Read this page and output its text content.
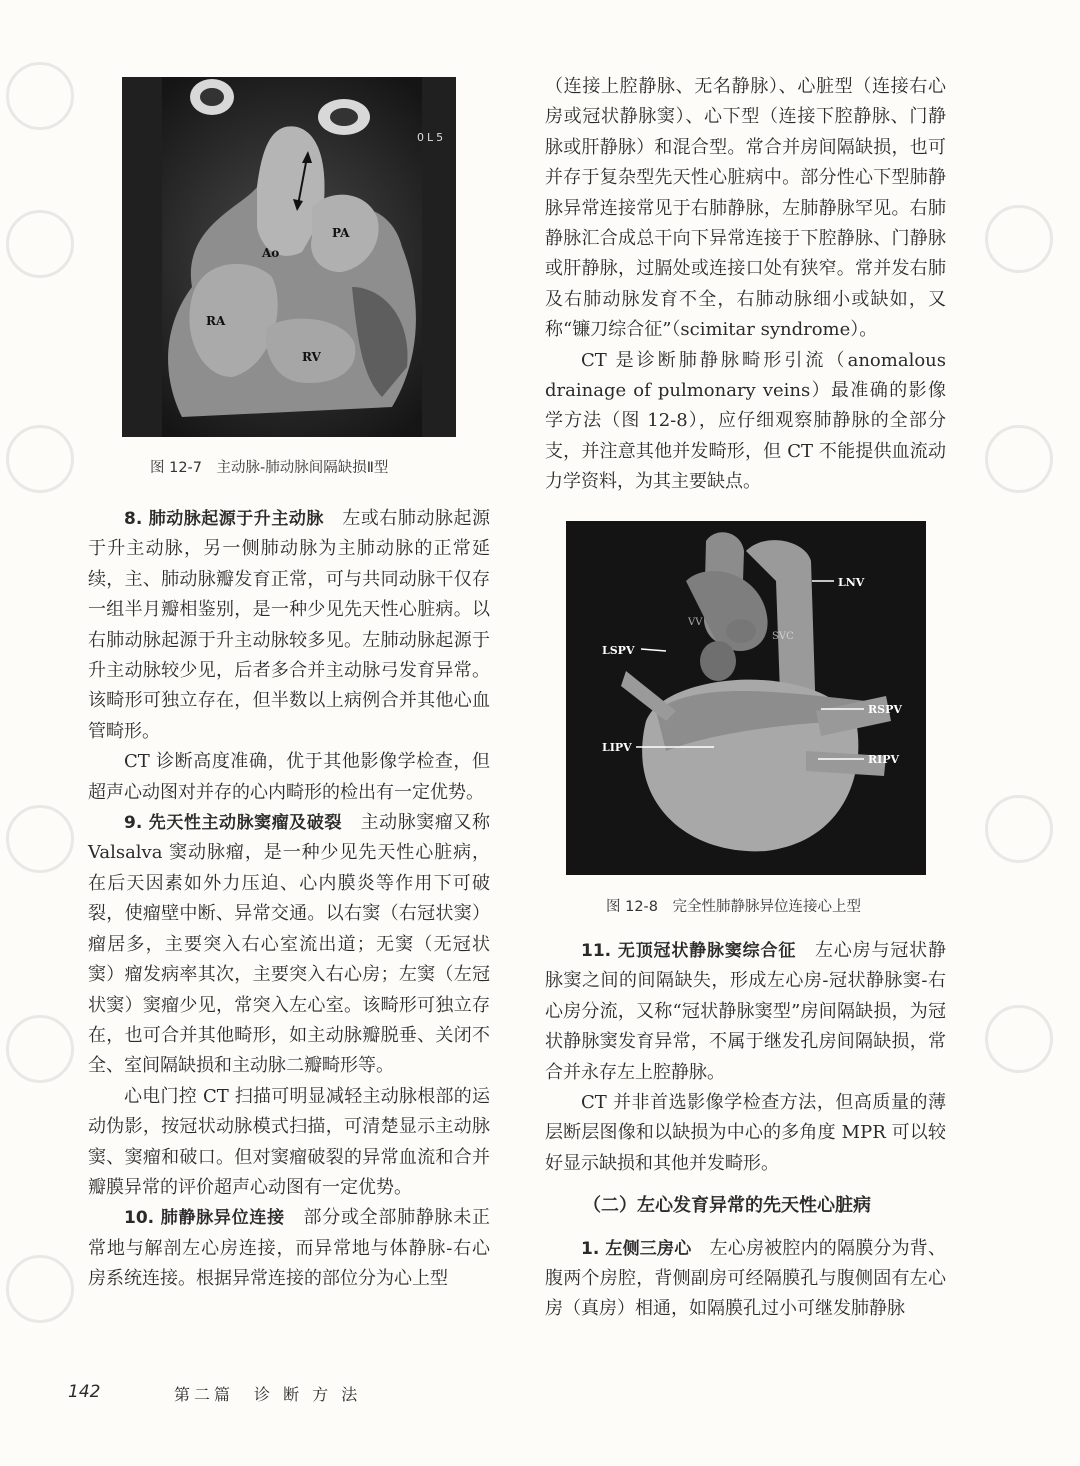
0L5
PA
Ao
RA
RV
图 12-7　主动脉-肺动脉间隔缺损Ⅱ型

（连接上腔静脉、无名静脉）、心脏型（连接右心房或冠状静脉窦）、心下型（连接下腔静脉、门静脉或肝静脉）和混合型。常合并房间隔缺损，也可并存于复杂型先天性心脏病中。部分性心下型肺静脉异常连接常见于右肺静脉，左肺静脉罕见。右肺静脉汇合成总干向下异常连接于下腔静脉、门静脉或肝静脉，过膈处或连接口处有狭窄。常并发右肺及右肺动脉发育不全，右肺动脉细小或缺如，又称“镰刀综合征”（scimitar syndrome）。

CT 是诊断肺静脉畸形引流（anomalous drainage of pulmonary veins）最准确的影像学方法（图 12-8），应仔细观察肺静脉的全部分支，并注意其他并发畸形，但 CT 不能提供血流动力学资料，为其主要缺点。

LNV
VV
SVC
LSPV
LIPV
RSPV
RIPV
图 12-8　完全性肺静脉异位连接心上型

8. 肺动脉起源于升主动脉　左或右肺动脉起源于升主动脉，另一侧肺动脉为主肺动脉的正常延续，主、肺动脉瓣发育正常，可与共同动脉干仅存一组半月瓣相鉴别，是一种少见先天性心脏病。以右肺动脉起源于升主动脉较多见。左肺动脉起源于升主动脉较少见，后者多合并主动脉弓发育异常。该畸形可独立存在，但半数以上病例合并其他心血管畸形。

CT 诊断高度准确，优于其他影像学检查，但超声心动图对并存的心内畸形的检出有一定优势。

9. 先天性主动脉窦瘤及破裂　主动脉窦瘤又称 Valsalva 窦动脉瘤，是一种少见先天性心脏病，在后天因素如外力压迫、心内膜炎等作用下可破裂，使瘤壁中断、异常交通。以右窦（右冠状窦）瘤居多，主要突入右心室流出道；无窦（无冠状窦）瘤发病率其次，主要突入右心房；左窦（左冠状窦）窦瘤少见，常突入左心室。该畸形可独立存在，也可合并其他畸形，如主动脉瓣脱垂、关闭不全、室间隔缺损和主动脉二瓣畸形等。

心电门控 CT 扫描可明显减轻主动脉根部的运动伪影，按冠状动脉模式扫描，可清楚显示主动脉窦、窦瘤和破口。但对窦瘤破裂的异常血流和合并瓣膜异常的评价超声心动图有一定优势。

10. 肺静脉异位连接　部分或全部肺静脉未正常地与解剖左心房连接，而异常地与体静脉-右心房系统连接。根据异常连接的部位分为心上型

11. 无顶冠状静脉窦综合征　左心房与冠状静脉窦之间的间隔缺失，形成左心房-冠状静脉窦-右心房分流，又称“冠状静脉窦型”房间隔缺损，为冠状静脉窦发育异常，不属于继发孔房间隔缺损，常合并永存左上腔静脉。

CT 并非首选影像学检查方法，但高质量的薄层断层图像和以缺损为中心的多角度 MPR 可以较好显示缺损和其他并发畸形。

（二）左心发育异常的先天性心脏病

1. 左侧三房心　左心房被腔内的隔膜分为背、腹两个房腔，背侧副房可经隔膜孔与腹侧固有左心房（真房）相通，如隔膜孔过小可继发肺静脉

142	第二篇　诊 断 方 法
